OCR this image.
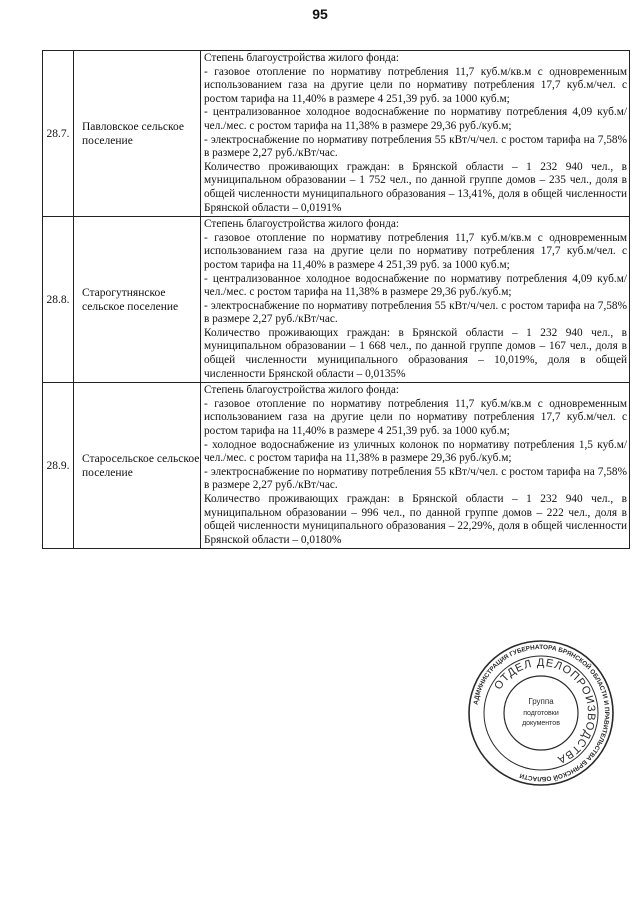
95
28.7.	Павловское сельское поселение	Степень благоустройства жилого фонда:

- газовое отопление по нормативу потребления 11,7 куб.м/кв.м с одновременным использованием газа на другие цели по нормативу потребления 17,7 куб.м/чел. с ростом тарифа на 11,40% в размере 4 251,39 руб. за 1000 куб.м;

- централизованное холодное водоснабжение по нормативу потребления 4,09 куб.м/чел./мес. с ростом тарифа на 11,38% в размере 29,36 руб./куб.м;

- электроснабжение по нормативу потребления 55 кВт/ч/чел. с ростом тарифа на 7,58% в размере 2,27 руб./кВт/час.

Количество проживающих граждан: в Брянской области – 1 232 940 чел., в муниципальном образовании – 1 752 чел., по данной группе домов – 235 чел., доля в общей численности муниципального образования – 13,41%, доля в общей численности Брянской области – 0,0191%

28.8.	Старогутнянское сельское поселение	Степень благоустройства жилого фонда:

- газовое отопление по нормативу потребления 11,7 куб.м/кв.м с одновременным использованием газа на другие цели по нормативу потребления 17,7 куб.м/чел. с ростом тарифа на 11,40% в размере 4 251,39 руб. за 1000 куб.м;

- централизованное холодное водоснабжение по нормативу потребления 4,09 куб.м/чел./мес. с ростом тарифа на 11,38% в размере 29,36 руб./куб.м;

- электроснабжение по нормативу потребления 55 кВт/ч/чел. с ростом тарифа на 7,58% в размере 2,27 руб./кВт/час.

Количество проживающих граждан: в Брянской области – 1 232 940 чел., в муниципальном образовании – 1 668 чел., по данной группе домов – 167 чел., доля в общей численности муниципального образования – 10,019%, доля в общей численности Брянской области – 0,0135%

28.9.	Старосельское сельское поселение	Степень благоустройства жилого фонда:

- газовое отопление по нормативу потребления 11,7 куб.м/кв.м с одновременным использованием газа на другие цели по нормативу потребления 17,7 куб.м/чел. с ростом тарифа на 11,40% в размере 4 251,39 руб. за 1000 куб.м;

- холодное водоснабжение из уличных колонок по нормативу потребления 1,5 куб.м/чел./мес. с ростом тарифа на 11,38% в размере 29,36 руб./куб.м;

- электроснабжение по нормативу потребления 55 кВт/ч/чел. с ростом тарифа на 7,58% в размере 2,27 руб./кВт/час.

Количество проживающих граждан: в Брянской области – 1 232 940 чел., в муниципальном образовании – 996 чел., по данной группе домов – 222 чел., доля в общей численности муниципального образования – 22,29%, доля в общей численности Брянской области – 0,0180%

АДМИНИСТРАЦИЯ ГУБЕРНАТОРА БРЯНСКОЙ ОБЛАСТИ И ПРАВИТЕЛЬСТВА БРЯНСКОЙ ОБЛАСТИ
ОТДЕЛ ДЕЛОПРОИЗВОДСТВА
Группа
подготовки
документов
